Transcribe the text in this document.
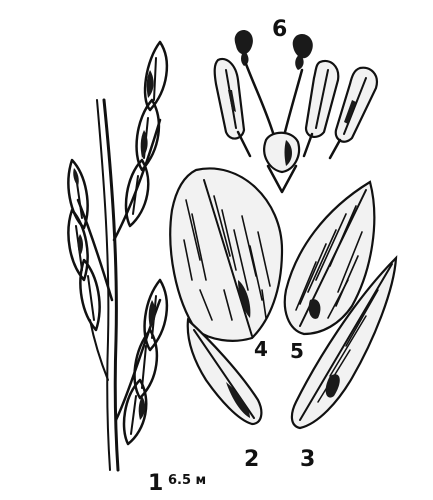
6
4 5
2 3
1 6.5 м
